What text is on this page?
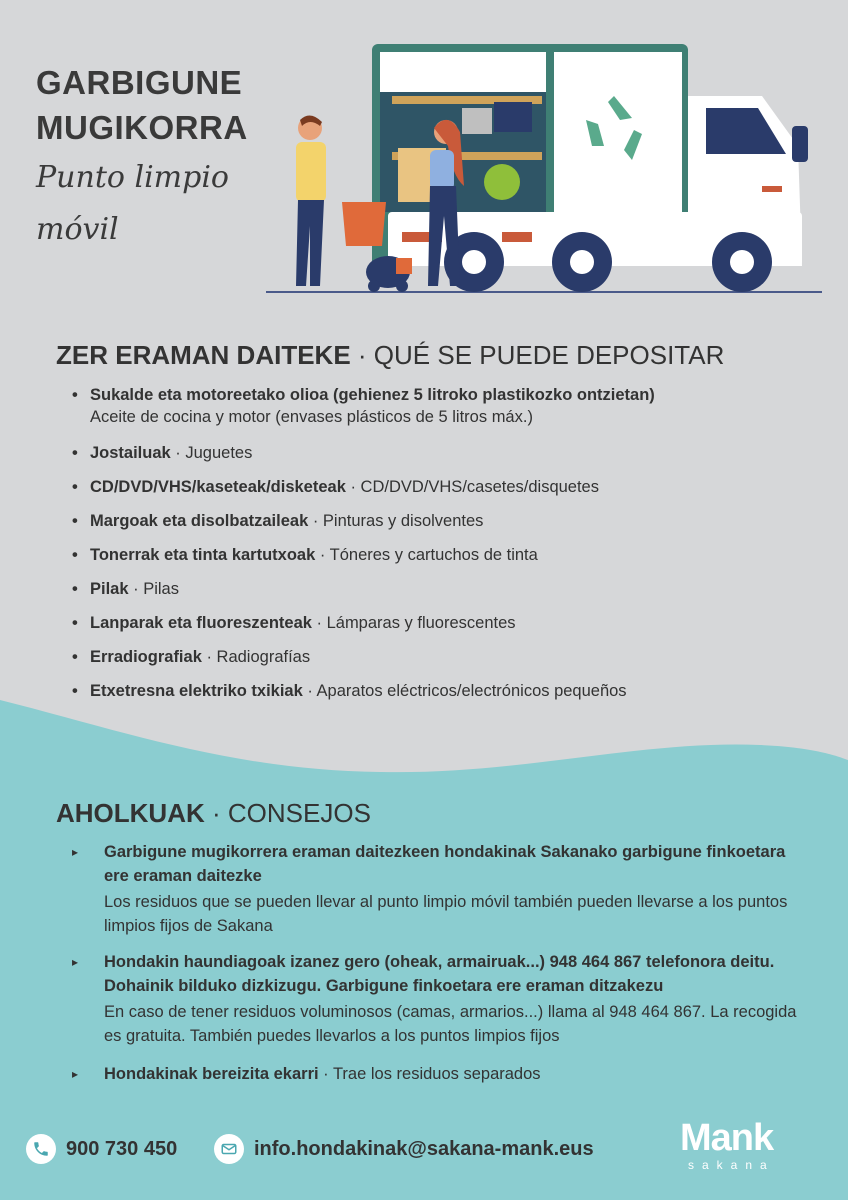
GARBIGUNE
MUGIKORRA
Punto limpio
móvil
ZER ERAMAN DAITEKE · QUÉ SE PUEDE DEPOSITAR
• Sukalde eta motoreetako olioa (gehienez 5 litroko plastikozko ontzietan)
Aceite de cocina y motor (envases plásticos de 5 litros máx.)
• Jostailuak · Juguetes
• CD/DVD/VHS/kaseteak/disketeak · CD/DVD/VHS/casetes/disquetes
• Margoak eta disolbatzaileak · Pinturas y disolventes
• Tonerrak eta tinta kartutxoak · Tóneres y cartuchos de tinta
• Pilak · Pilas
• Lanparak eta fluoreszenteak · Lámparas y fluorescentes
• Erradiografiak · Radiografías
• Etxetresna elektriko txikiak · Aparatos eléctricos/electrónicos pequeños
AHOLKUAK · CONSEJOS
▸ Garbigune mugikorrera eraman daitezkeen hondakinak Sakanako garbigune finkoetara ere eraman daitezke
Los residuos que se pueden llevar al punto limpio móvil también pueden llevarse a los puntos limpios fijos de Sakana
▸ Hondakin haundiagoak izanez gero (oheak, armairuak...) 948 464 867 telefonora deitu. Dohainik bilduko dizkizugu. Garbigune finkoetara ere eraman ditzakezu
En caso de tener residuos voluminosos (camas, armarios...) llama al 948 464 867. La recogida es gratuita. También puedes llevarlos a los puntos limpios fijos
▸ Hondakinak bereizita ekarri · Trae los residuos separados
900 730 450	info.hondakinak@sakana-mank.eus Mank
sakana
